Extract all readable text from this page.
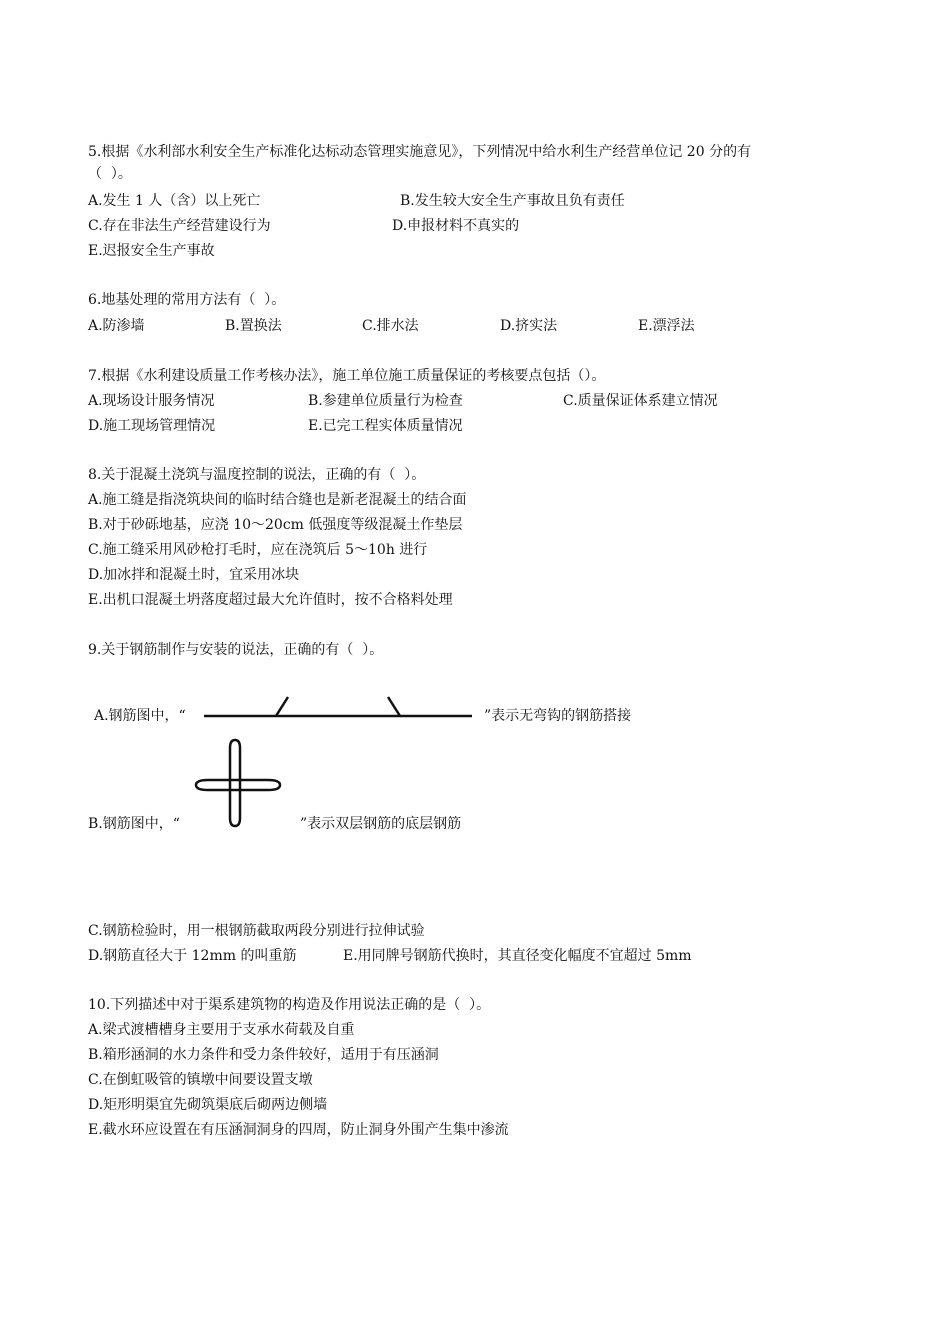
5.根据《水利部水利安全生产标准化达标动态管理实施意见》，下列情况中给水利生产经营单位记 20 分的有
（  ）。
A.发生 1 人（含）以上死亡	B.发生较大安全生产事故且负有责任
C.存在非法生产经营建设行为	D.申报材料不真实的
E.迟报安全生产事故
6.地基处理的常用方法有（  ）。
A.防渗墙	B.置换法	C.排水法	D.挤实法	E.漂浮法
7.根据《水利建设质量工作考核办法》，施工单位施工质量保证的考核要点包括（）。
A.现场设计服务情况	B.参建单位质量行为检查	C.质量保证体系建立情况
D.施工现场管理情况	E.已完工程实体质量情况
8.关于混凝土浇筑与温度控制的说法，正确的有（  ）。
A.施工缝是指浇筑块间的临时结合缝也是新老混凝土的结合面
B.对于砂砾地基，应浇 10～20cm 低强度等级混凝土作垫层
C.施工缝采用风砂枪打毛时，应在浇筑后 5～10h 进行
D.加冰拌和混凝土时，宜采用冰块
E.出机口混凝土坍落度超过最大允许值时，按不合格料处理
9.关于钢筋制作与安装的说法，正确的有（  ）。
A.钢筋图中，“	”表示无弯钩的钢筋搭接
B.钢筋图中，“	”表示双层钢筋的底层钢筋
C.钢筋检验时，用一根钢筋截取两段分别进行拉伸试验
D.钢筋直径大于 12mm 的叫重筋	E.用同牌号钢筋代换时，其直径变化幅度不宜超过 5mm
10.下列描述中对于渠系建筑物的构造及作用说法正确的是（  ）。
A.梁式渡槽槽身主要用于支承水荷载及自重
B.箱形涵洞的水力条件和受力条件较好，适用于有压涵洞
C.在倒虹吸管的镇墩中间要设置支墩
D.矩形明渠宜先砌筑渠底后砌两边侧墙
E.截水环应设置在有压涵洞洞身的四周，防止洞身外围产生集中渗流
